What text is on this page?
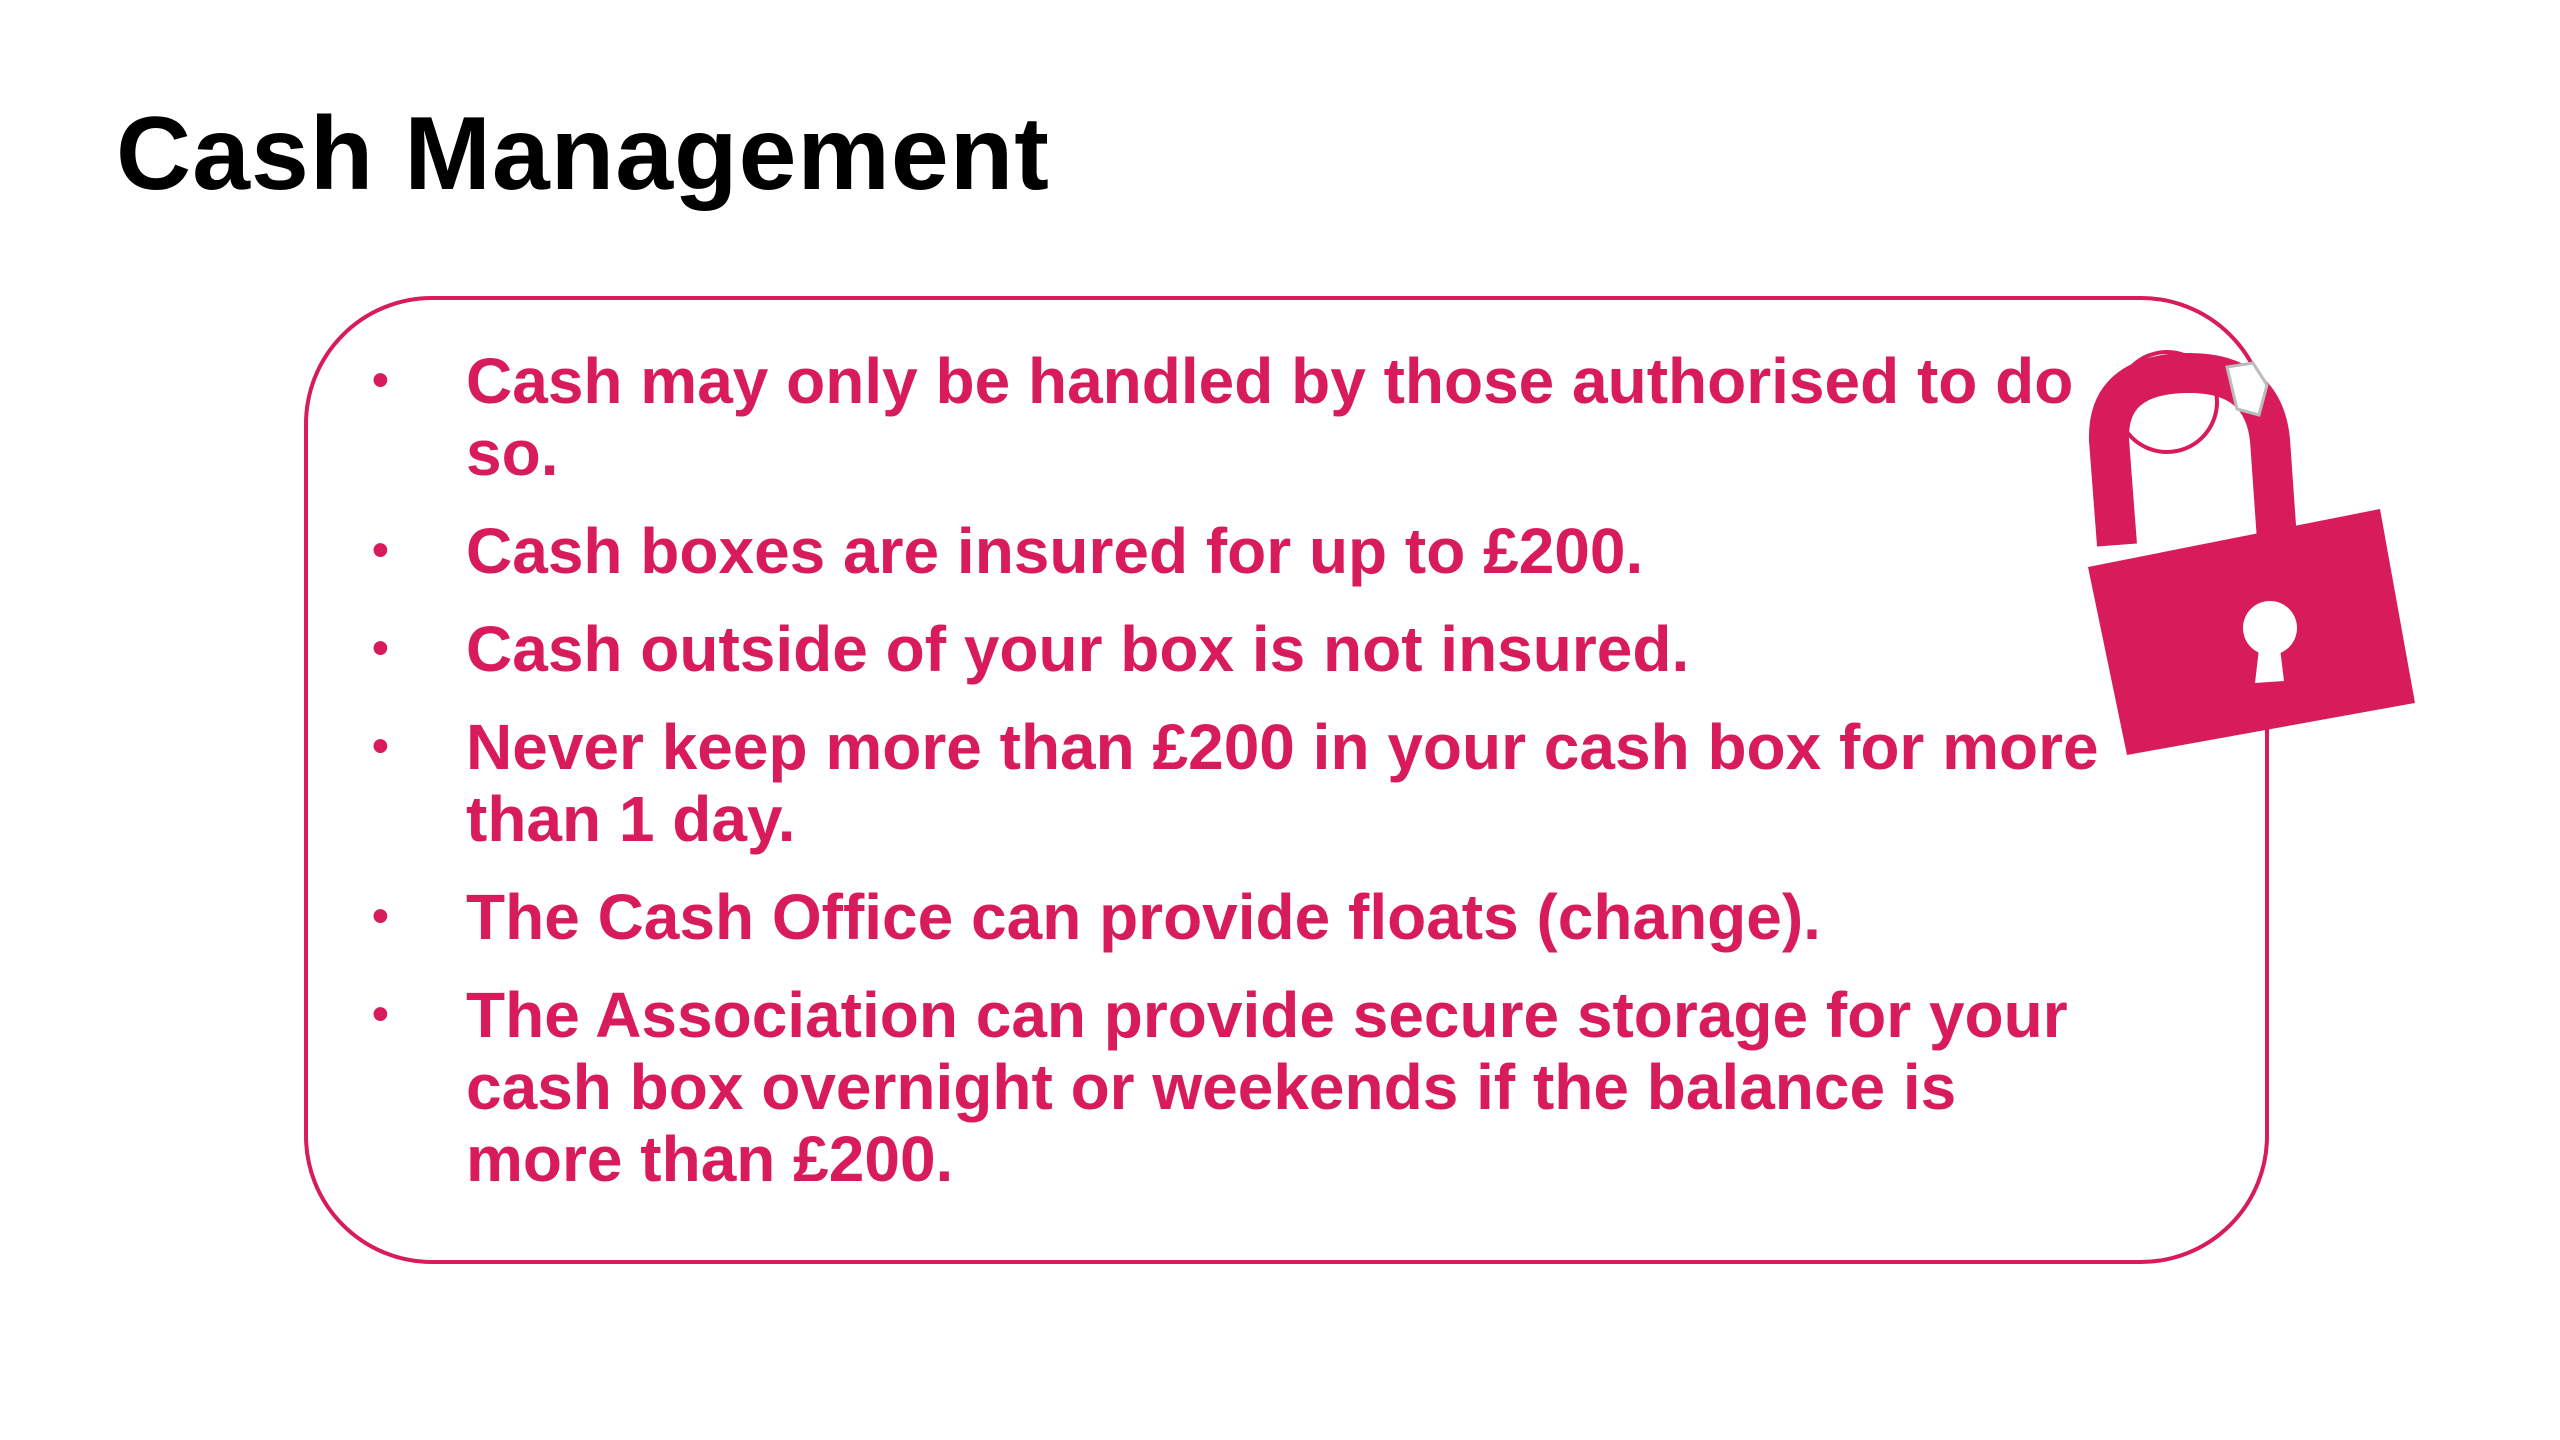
Cash Management
• Cash may only be handled by those authorised to do so.
• Cash boxes are insured for up to £200.
• Cash outside of your box is not insured.
• Never keep more than £200 in your cash box for more than 1 day.
• The Cash Office can provide floats (change).
• The Association can provide secure storage for your cash box overnight or weekends if the balance is more than £200.
